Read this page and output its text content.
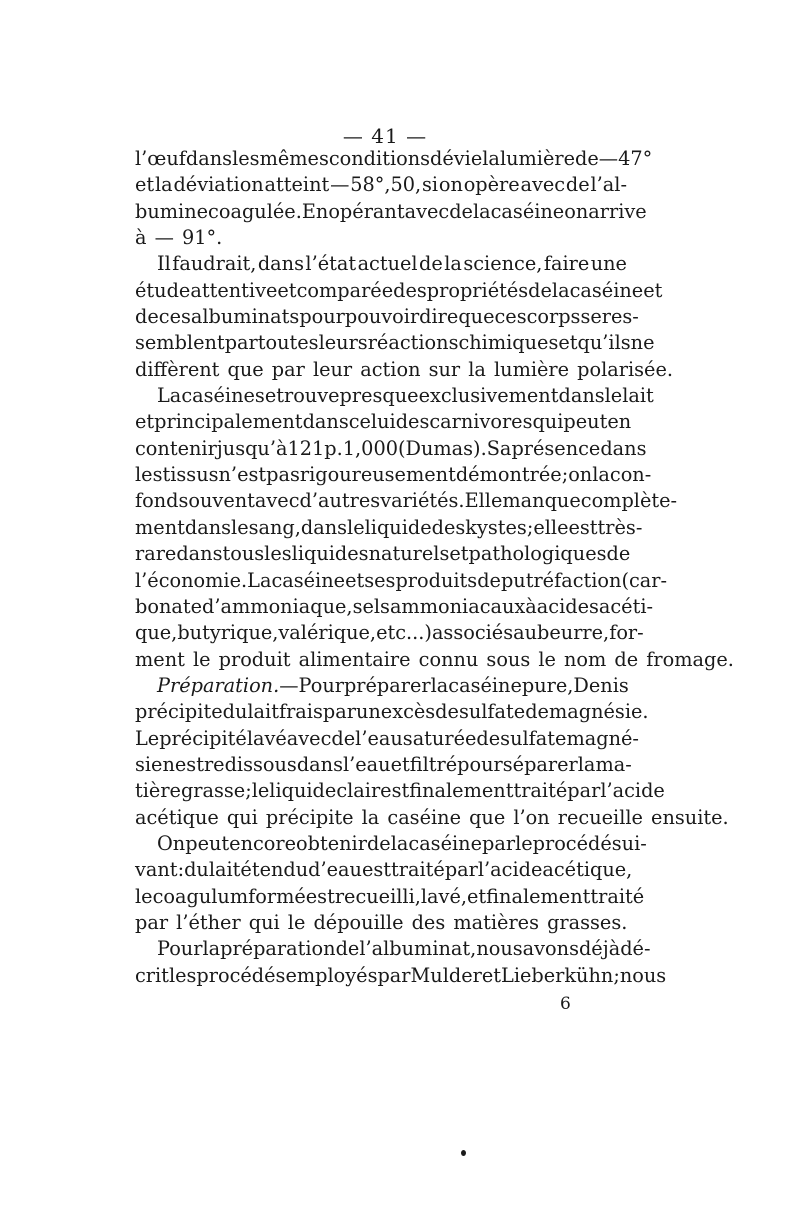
— 41 —
l’œuf dans les mêmes conditions dévie la lumière de — 47°
et la déviation atteint — 58°,50, si on opère avec de l’al-
bumine coagulée. En opérant avec de la caséine on arrive
à — 91°.
Il faudrait, dans l’état actuel de la science, faire une
étude attentive et comparée des propriétés de la caséine et
de ces albuminats pour pouvoir dire que ces corps se res-
semblent par toutes leurs réactions chimiques et qu’ils ne
diffèrent que par leur action sur la lumière polarisée.
La caséine se trouve presque exclusivement dans le lait
et principalement dans celui des carnivores qui peut en
contenir jusqu’à 121 p. 1,000 (Dumas). Sa présence dans
les tissus n’est pas rigoureusement démontrée ; on la con-
fond souvent avec d’autres variétés. Elle manque complète-
ment dans le sang, dans le liquide des kystes ; elle est très-
rare dans tous les liquides naturels et pathologiques de
l’économie. La caséine et ses produits de putréfaction (car-
bonate d’ammoniaque, sels ammoniacaux à acides acéti-
que, butyrique, valérique, etc...) associés au beurre, for-
ment le produit alimentaire connu sous le nom de fromage.
Préparation. — Pour préparer la caséine pure, Denis
précipite du lait frais par un excès de sulfate de magnésie.
Le précipité lavé avec de l’eau saturée de sulfate magné-
sien est redissous dans l’eau et filtré pour séparer la ma-
tière grasse ; le liquide clair est finalement traité par l’acide
acétique qui précipite la caséine que l’on recueille ensuite.
On peut encore obtenir de la caséine par le procédé sui-
vant : du lait étendu d’eau est traité par l’acide acétique,
le coagulum formé est recueilli, lavé, et finalement traité
par l’éther qui le dépouille des matières grasses.
Pour la préparation de l’albuminat, nous avons déjà dé-
crit les procédés employés par Mulder et Lieberkühn ; nous
6
